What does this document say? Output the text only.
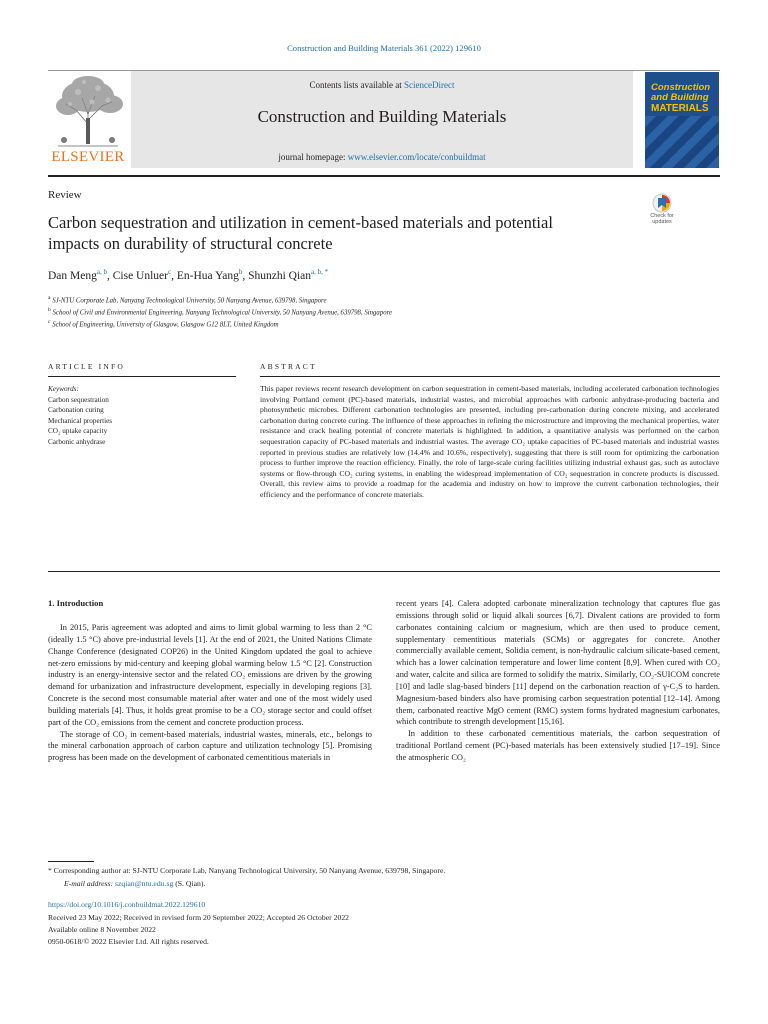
Construction and Building Materials 361 (2022) 129610
Contents lists available at ScienceDirect
Construction and Building Materials
journal homepage: www.elsevier.com/locate/conbuildmat
ELSEVIER
Construction
and Building
MATERIALS
Review
Carbon sequestration and utilization in cement-based materials and potential impacts on durability of structural concrete
Check for
updates
Dan Meng$^{a, b}$, Cise Unluer$^c$, En-Hua Yang$^b$, Shunzhi Qian$^{a, b, *}$
$^a$ SJ-NTU Corporate Lab, Nanyang Technological University, 50 Nanyang Avenue, 639798, Singapore
$^b$ School of Civil and Environmental Engineering, Nanyang Technological University, 50 Nanyang Avenue, 639798, Singapore
$^c$ School of Engineering, University of Glasgow, Glasgow G12 8LT, United Kingdom
ARTICLE INFO	ABSTRACT
Keywords:
Carbon sequestration
Carbonation curing
Mechanical properties
CO₂ uptake capacity
Carbonic anhydrase
This paper reviews recent research development on carbon sequestration in cement-based materials, including accelerated carbonation technologies involving Portland cement (PC)-based materials, industrial wastes, and microbial approaches with carbonic anhydrase-producing bacteria and photosynthetic microbes. Different carbonation technologies are presented, including pre-carbonation during concrete mixing, and accelerated carbonation during concrete curing. The influence of these approaches in refining the microstructure and improving the mechanical properties, water resistance and crack healing potential of concrete materials is highlighted. In addition, a quantitative analysis was performed on the carbon sequestration capacity of PC-based materials and industrial wastes. The average CO₂ uptake capacities of PC-based materials and industrial wastes reported in previous studies are relatively low (14.4% and 10.6%, respectively), suggesting that there is still room for optimizing the carbonation process to further improve the reaction efficiency. Finally, the role of large-scale curing facilities utilizing industrial exhaust gas, such as autoclave systems or flow-through CO₂ curing systems, in enabling the widespread implementation of CO₂ sequestration in concrete products is discussed. Overall, this review aims to provide a roadmap for the academia and industry on how to improve the current carbonation technologies, their efficiency and the performance of concrete materials.
1. Introduction

In 2015, Paris agreement was adopted and aims to limit global warming to less than 2 °C (ideally 1.5 °C) above pre-industrial levels [1]. At the end of 2021, the United Nations Climate Change Conference (designated COP26) in the United Kingdom updated the goal to achieve net-zero emissions by mid-century and keeping global warming below 1.5 °C [2]. Construction industry is an energy-intensive sector and the related CO₂ emissions are driven by the growing demand for urbanization and infrastructure development, especially in developing regions [3]. Concrete is the second most consumable material after water and one of the most widely used building materials [4]. Thus, it holds great promise to be a CO₂ storage sector and could offset part of the CO₂ emissions from the cement and concrete production process.

The storage of CO₂ in cement-based materials, industrial wastes, minerals, etc., belongs to the mineral carbonation approach of carbon capture and utilization technology [5]. Promising progress has been made on the development of carbonated cementitious materials in

recent years [4]. Calera adopted carbonate mineralization technology that captures flue gas emissions through solid or liquid alkali sources [6,7]. Divalent cations are provided to form carbonates containing calcium or magnesium, which are then used to produce cement, supplementary cementitious materials (SCMs) or aggregates for concrete. Another commercially available cement, Solidia cement, is non-hydraulic calcium silicate-based cement, which has a lower calcination temperature and lower lime content [8,9]. When cured with CO₂ and water, calcite and silica are formed to solidify the matrix. Similarly, CO₂-SUICOM concrete [10] and ladle slag-based binders [11] depend on the carbonation reaction of γ-C₂S to harden. Magnesium-based binders also have promising carbon sequestration potential [12–14]. Among them, carbonated reactive MgO cement (RMC) system forms hydrated magnesium carbonates, which contribute to strength development [15,16].

In addition to these carbonated cementitious materials, the carbon sequestration of traditional Portland cement (PC)-based materials has been extensively studied [17–19]. Since the atmospheric CO₂

* Corresponding author at: SJ-NTU Corporate Lab, Nanyang Technological University, 50 Nanyang Avenue, 639798, Singapore.
E-mail address: szqian@ntu.edu.sg (S. Qian).
https://doi.org/10.1016/j.conbuildmat.2022.129610
Received 23 May 2022; Received in revised form 20 September 2022; Accepted 26 October 2022
Available online 8 November 2022
0950-0618/© 2022 Elsevier Ltd. All rights reserved.
